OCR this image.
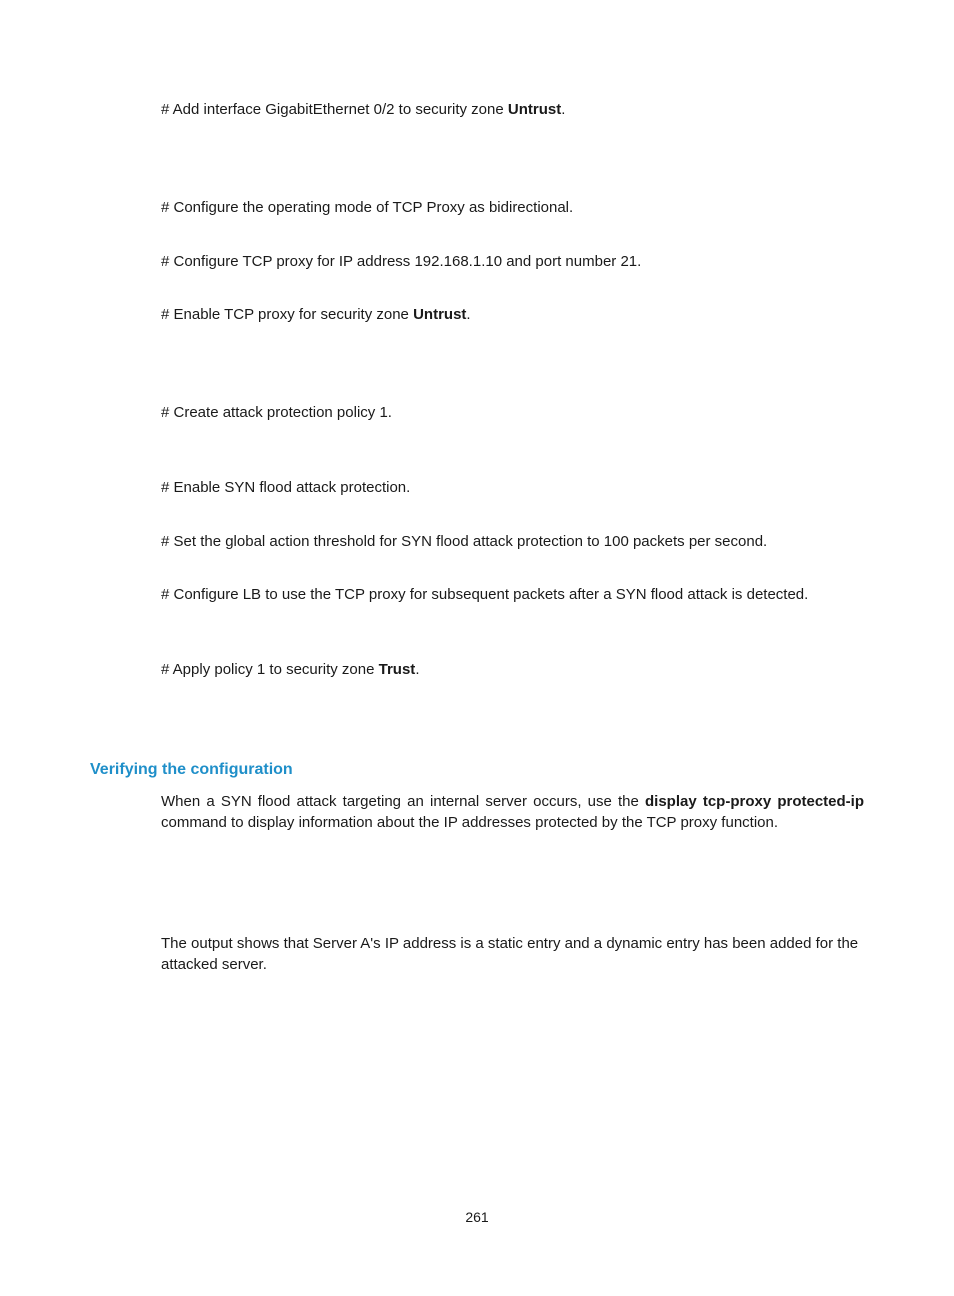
# Add interface GigabitEthernet 0/2 to security zone Untrust.
# Configure the operating mode of TCP Proxy as bidirectional.
# Configure TCP proxy for IP address 192.168.1.10 and port number 21.
# Enable TCP proxy for security zone Untrust.
# Create attack protection policy 1.
# Enable SYN flood attack protection.
# Set the global action threshold for SYN flood attack protection to 100 packets per second.
# Configure LB to use the TCP proxy for subsequent packets after a SYN flood attack is detected.
# Apply policy 1 to security zone Trust.
Verifying the configuration
When a SYN flood attack targeting an internal server occurs, use the display tcp-proxy protected-ip command to display information about the IP addresses protected by the TCP proxy function.
The output shows that Server A's IP address is a static entry and a dynamic entry has been added for the attacked server.
261
